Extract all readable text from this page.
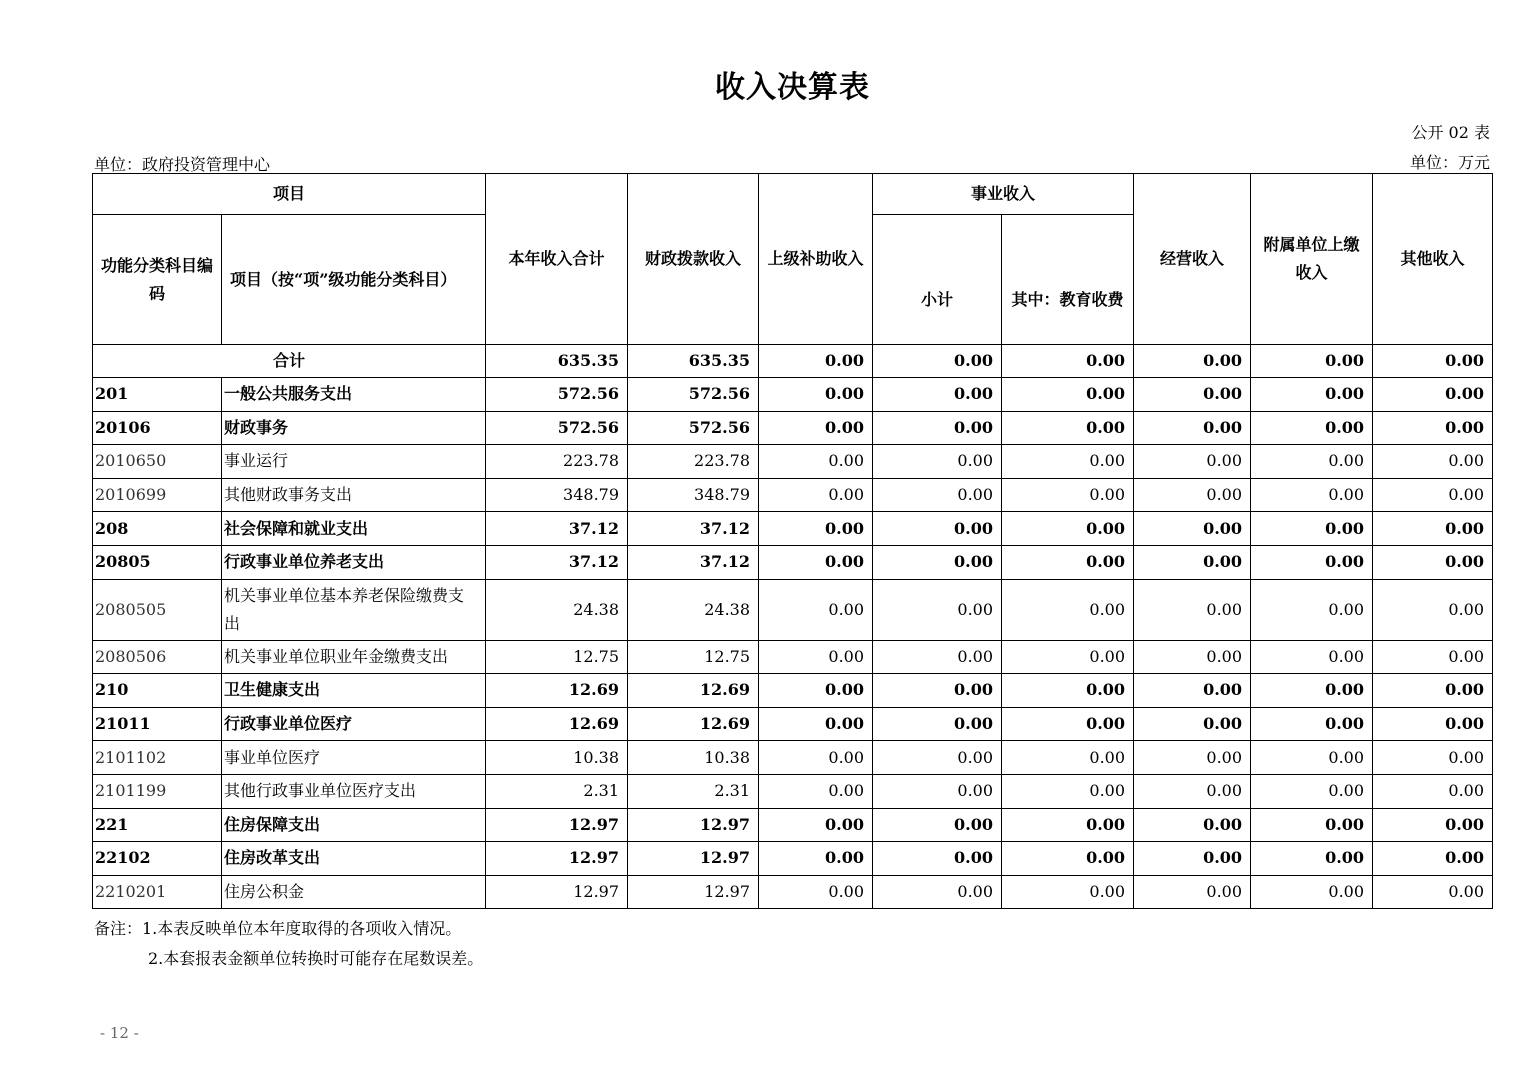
收入决算表
公开 02 表
单位：政府投资管理中心	单位：万元
项目		本年收入合计	财政拨款收入	上级补助收入	事业收入		经营收入	附属单位上缴收入	其他收入
功能分类科目编码	项目（按“项”级功能分类科目）				小计	其中：教育收费			
合计		635.35	635.35	0.00	0.00	0.00	0.00	0.00	0.00
201	一般公共服务支出	572.56	572.56	0.00	0.00	0.00	0.00	0.00	0.00
20106	财政事务	572.56	572.56	0.00	0.00	0.00	0.00	0.00	0.00
2010650	事业运行	223.78	223.78	0.00	0.00	0.00	0.00	0.00	0.00
2010699	其他财政事务支出	348.79	348.79	0.00	0.00	0.00	0.00	0.00	0.00
208	社会保障和就业支出	37.12	37.12	0.00	0.00	0.00	0.00	0.00	0.00
20805	行政事业单位养老支出	37.12	37.12	0.00	0.00	0.00	0.00	0.00	0.00
2080505	机关事业单位基本养老保险缴费支出	24.38	24.38	0.00	0.00	0.00	0.00	0.00	0.00
2080506	机关事业单位职业年金缴费支出	12.75	12.75	0.00	0.00	0.00	0.00	0.00	0.00
210	卫生健康支出	12.69	12.69	0.00	0.00	0.00	0.00	0.00	0.00
21011	行政事业单位医疗	12.69	12.69	0.00	0.00	0.00	0.00	0.00	0.00
2101102	事业单位医疗	10.38	10.38	0.00	0.00	0.00	0.00	0.00	0.00
2101199	其他行政事业单位医疗支出	2.31	2.31	0.00	0.00	0.00	0.00	0.00	0.00
221	住房保障支出	12.97	12.97	0.00	0.00	0.00	0.00	0.00	0.00
22102	住房改革支出	12.97	12.97	0.00	0.00	0.00	0.00	0.00	0.00
2210201	住房公积金	12.97	12.97	0.00	0.00	0.00	0.00	0.00	0.00
备注：1.本表反映单位本年度取得的各项收入情况。
2.本套报表金额单位转换时可能存在尾数误差。
- 12 -
